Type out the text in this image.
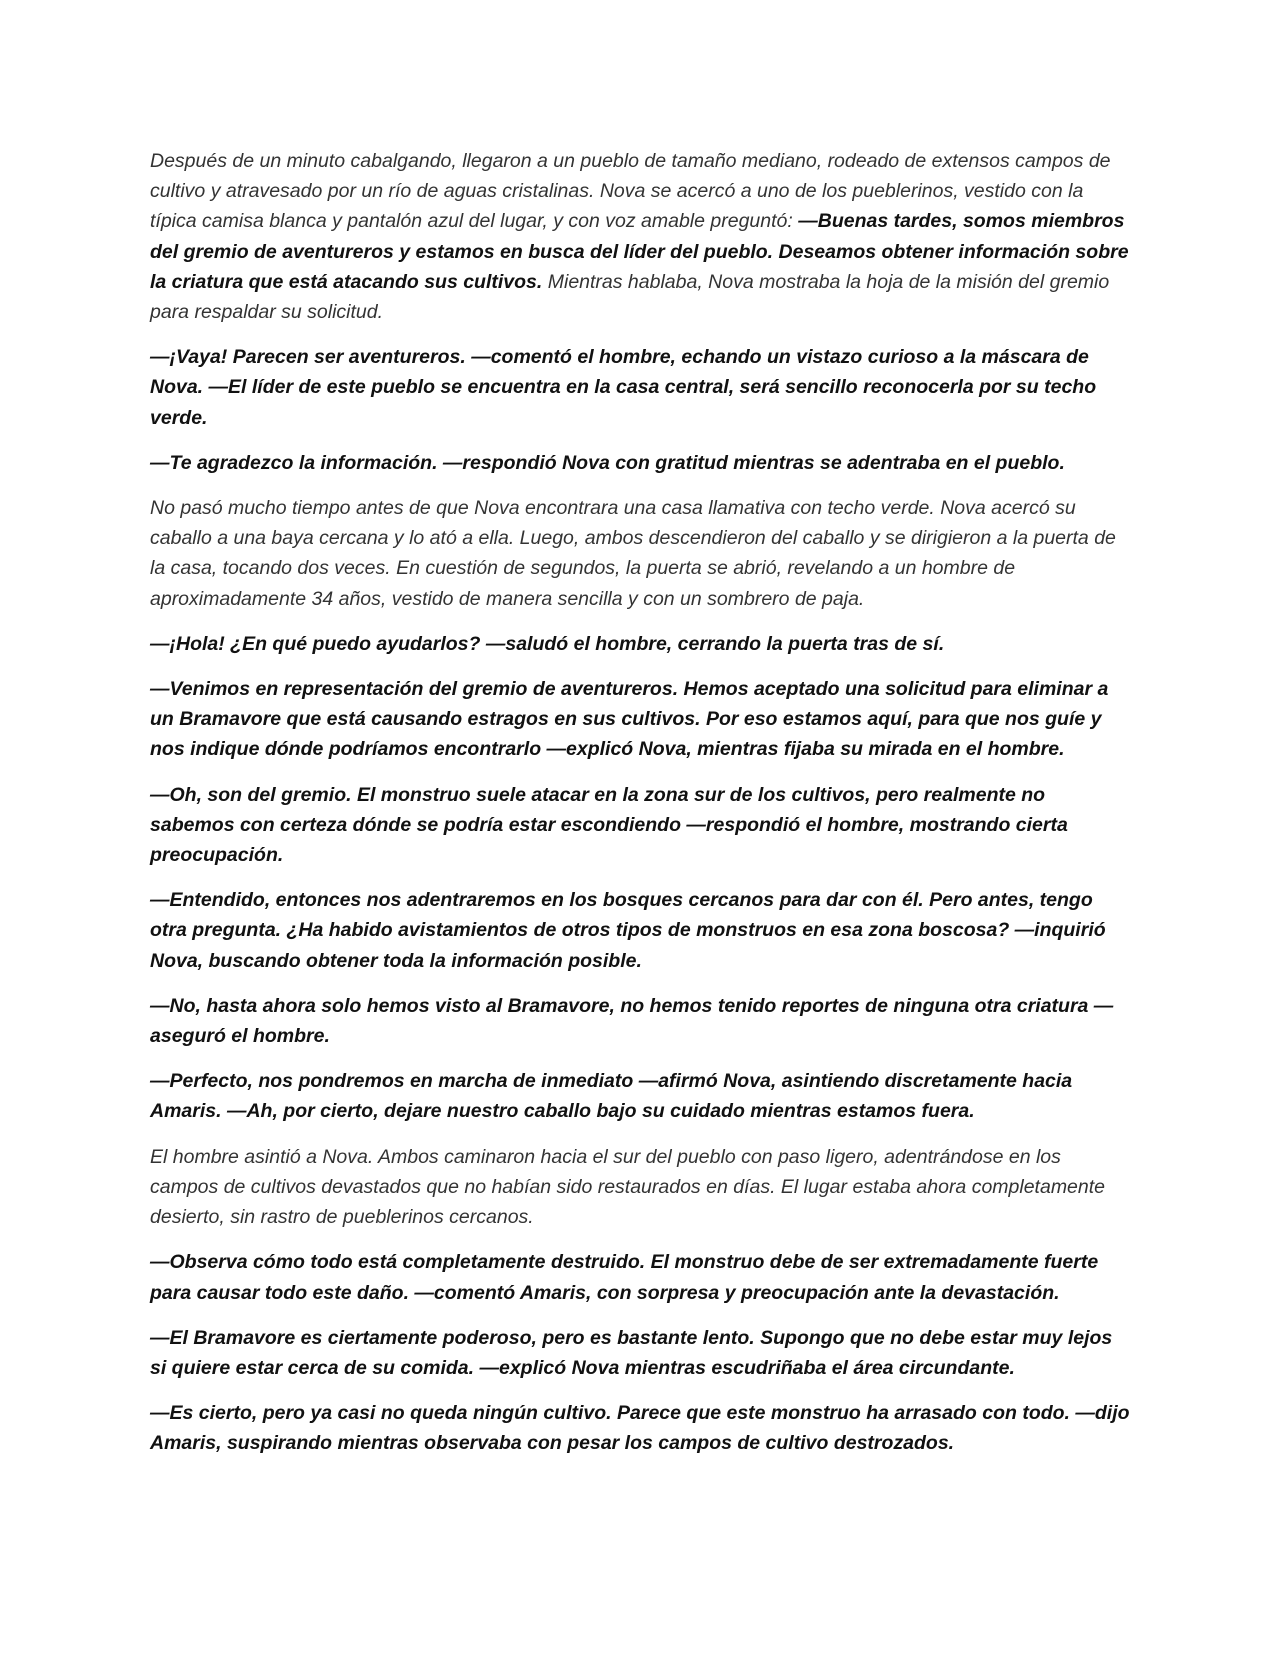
Después de un minuto cabalgando, llegaron a un pueblo de tamaño mediano, rodeado de extensos campos de cultivo y atravesado por un río de aguas cristalinas. Nova se acercó a uno de los pueblerinos, vestido con la típica camisa blanca y pantalón azul del lugar, y con voz amable preguntó: —Buenas tardes, somos miembros del gremio de aventureros y estamos en busca del líder del pueblo. Deseamos obtener información sobre la criatura que está atacando sus cultivos. Mientras hablaba, Nova mostraba la hoja de la misión del gremio para respaldar su solicitud.

—¡Vaya! Parecen ser aventureros. —comentó el hombre, echando un vistazo curioso a la máscara de Nova. —El líder de este pueblo se encuentra en la casa central, será sencillo reconocerla por su techo verde.

—Te agradezco la información. —respondió Nova con gratitud mientras se adentraba en el pueblo.

No pasó mucho tiempo antes de que Nova encontrara una casa llamativa con techo verde. Nova acercó su caballo a una baya cercana y lo ató a ella. Luego, ambos descendieron del caballo y se dirigieron a la puerta de la casa, tocando dos veces. En cuestión de segundos, la puerta se abrió, revelando a un hombre de aproximadamente 34 años, vestido de manera sencilla y con un sombrero de paja.

—¡Hola! ¿En qué puedo ayudarlos? —saludó el hombre, cerrando la puerta tras de sí.

—Venimos en representación del gremio de aventureros. Hemos aceptado una solicitud para eliminar a un Bramavore que está causando estragos en sus cultivos. Por eso estamos aquí, para que nos guíe y nos indique dónde podríamos encontrarlo —explicó Nova, mientras fijaba su mirada en el hombre.

—Oh, son del gremio. El monstruo suele atacar en la zona sur de los cultivos, pero realmente no sabemos con certeza dónde se podría estar escondiendo —respondió el hombre, mostrando cierta preocupación.

—Entendido, entonces nos adentraremos en los bosques cercanos para dar con él. Pero antes, tengo otra pregunta. ¿Ha habido avistamientos de otros tipos de monstruos en esa zona boscosa? —inquirió Nova, buscando obtener toda la información posible.

—No, hasta ahora solo hemos visto al Bramavore, no hemos tenido reportes de ninguna otra criatura —aseguró el hombre.

—Perfecto, nos pondremos en marcha de inmediato —afirmó Nova, asintiendo discretamente hacia Amaris. —Ah, por cierto, dejare nuestro caballo bajo su cuidado mientras estamos fuera.

El hombre asintió a Nova. Ambos caminaron hacia el sur del pueblo con paso ligero, adentrándose en los campos de cultivos devastados que no habían sido restaurados en días. El lugar estaba ahora completamente desierto, sin rastro de pueblerinos cercanos.

—Observa cómo todo está completamente destruido. El monstruo debe de ser extremadamente fuerte para causar todo este daño. —comentó Amaris, con sorpresa y preocupación ante la devastación.

—El Bramavore es ciertamente poderoso, pero es bastante lento. Supongo que no debe estar muy lejos si quiere estar cerca de su comida. —explicó Nova mientras escudriñaba el área circundante.

—Es cierto, pero ya casi no queda ningún cultivo. Parece que este monstruo ha arrasado con todo. —dijo Amaris, suspirando mientras observaba con pesar los campos de cultivo destrozados.
